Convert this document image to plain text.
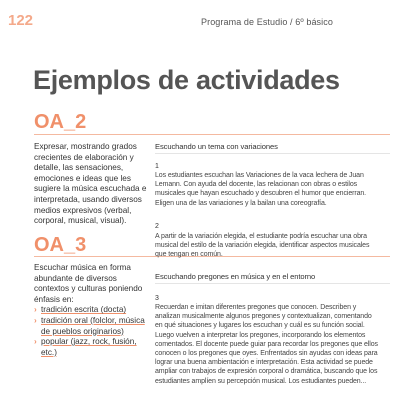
122	Programa de Estudio / 6º básico
Ejemplos de actividades
OA_2
Expresar, mostrando grados crecientes de elaboración y detalle, las sensaciones, emociones e ideas que les sugiere la música escuchada e interpretada, usando diversos medios expresivos (verbal, corporal, musical, visual).
OA_3
Escuchar música en forma abundante de diversos contextos y culturas poniendo énfasis en:
› tradición escrita (docta)
› tradición oral (folclor, música de pueblos originarios)
› popular (jazz, rock, fusión, etc.)
Escuchando un tema con variaciones
1
Los estudiantes escuchan las Variaciones de la vaca lechera de Juan Lemann. Con ayuda del docente, las relacionan con obras o estilos musicales que hayan escuchado y descubren el humor que encierran. Eligen una de las variaciones y la bailan una coreografía.
2
A partir de la variación elegida, el estudiante podría escuchar una obra musical del estilo de la variación elegida, identificar aspectos musicales que tengan en común.
Escuchando pregones en música y en el entorno
3
Recuerdan e imitan diferentes pregones que conocen. Describen y analizan musicalmente algunos pregones y contextualizan, comentando en qué situaciones y lugares los escuchan y cuál es su función social. Luego vuelven a interpretar los pregones, incorporando los elementos comentados. El docente puede guiar para recordar los pregones que ellos conocen o los pregones que oyes. Enfrentados sin ayudas con ideas para lograr una buena ambientación e interpretación. Esta actividad se puede ampliar con trabajos de expresión corporal o dramática, buscando que los estudiantes amplíen su percepción musical. Los estudiantes pueden...
